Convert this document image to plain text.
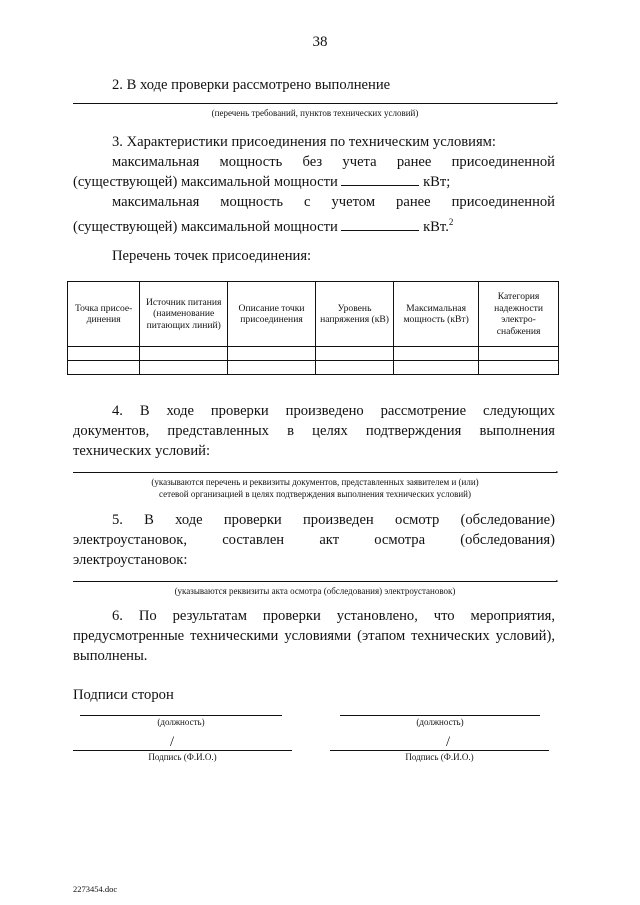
38
2. В ходе проверки рассмотрено выполнение
.
(перечень требований, пунктов технических условий)
3. Характеристики присоединения по техническим условиям:
максимальная мощность без учета ранее присоединенной
(существующей) максимальной мощности	кВт;
максимальная мощность с учетом ранее присоединенной
(существующей) максимальной мощности	кВт.$^2$
Перечень точек присоединения:
Точка присое-динения	Источник питания (наименование питающих линий)	Описание точки присоединения	Уровень напряжения (кВ)	Максимальная мощность (кВт)	Категория надежности электро-снабжения

4. В ходе проверки произведено рассмотрение следующих
документов, представленных в целях подтверждения выполнения
технических условий:
.
(указываются перечень и реквизиты документов, представленных заявителем и (или)
сетевой организацией в целях подтверждения выполнения технических условий)
5. В ходе проверки произведен осмотр (обследование)
электроустановок, составлен акт осмотра (обследования)
электроустановок:
.
(указываются реквизиты акта осмотра (обследования) электроустановок)
6. По результатам проверки установлено, что мероприятия,
предусмотренные техническими условиями (этапом технических условий),
выполнены.
Подписи сторон
(должность)
/
Подпись (Ф.И.О.)
(должность)
/
Подпись (Ф.И.О.)
2273454.doc
